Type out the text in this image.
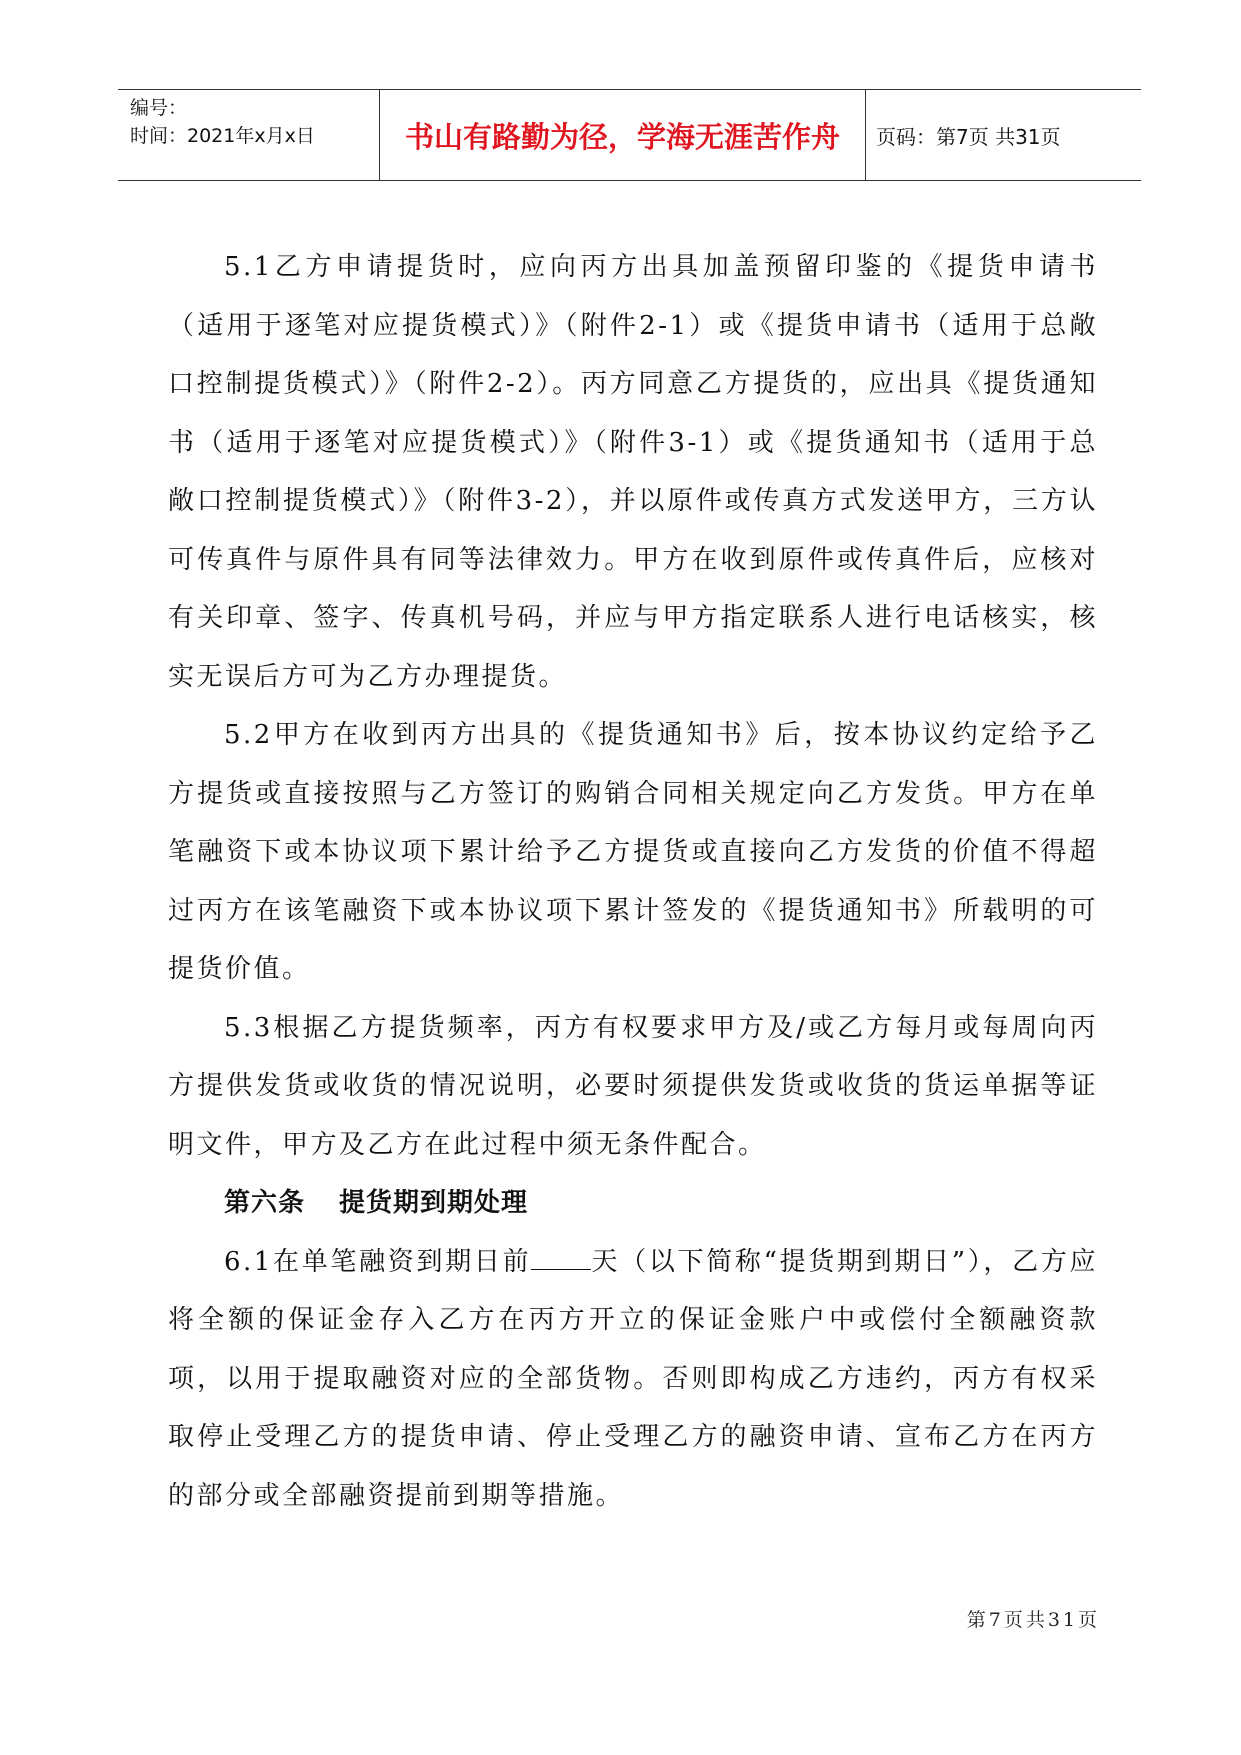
编号：
时间：2021年x月x日	书山有路勤为径，学海无涯苦作舟	页码：第7页 共31页

5.1乙方申请提货时，应向丙方出具加盖预留印鉴的《提货申请书（适用于逐笔对应提货模式）》（附件2-1）或《提货申请书（适用于总敞口控制提货模式）》（附件2-2）。丙方同意乙方提货的，应出具《提货通知书（适用于逐笔对应提货模式）》（附件3-1）或《提货通知书（适用于总敞口控制提货模式）》（附件3-2），并以原件或传真方式发送甲方，三方认可传真件与原件具有同等法律效力。甲方在收到原件或传真件后，应核对有关印章、签字、传真机号码，并应与甲方指定联系人进行电话核实，核实无误后方可为乙方办理提货。

5.2甲方在收到丙方出具的《提货通知书》后，按本协议约定给予乙方提货或直接按照与乙方签订的购销合同相关规定向乙方发货。甲方在单笔融资下或本协议项下累计给予乙方提货或直接向乙方发货的价值不得超过丙方在该笔融资下或本协议项下累计签发的《提货通知书》所载明的可提货价值。

5.3根据乙方提货频率，丙方有权要求甲方及/或乙方每月或每周向丙方提供发货或收货的情况说明，必要时须提供发货或收货的货运单据等证明文件，甲方及乙方在此过程中须无条件配合。

第六条 提货期到期处理

6.1在单笔融资到期日前 天（以下简称“提货期到期日”），乙方应将全额的保证金存入乙方在丙方开立的保证金账户中或偿付全额融资款项，以用于提取融资对应的全部货物。否则即构成乙方违约，丙方有权采取停止受理乙方的提货申请、停止受理乙方的融资申请、宣布乙方在丙方的部分或全部融资提前到期等措施。

第7页共31页
